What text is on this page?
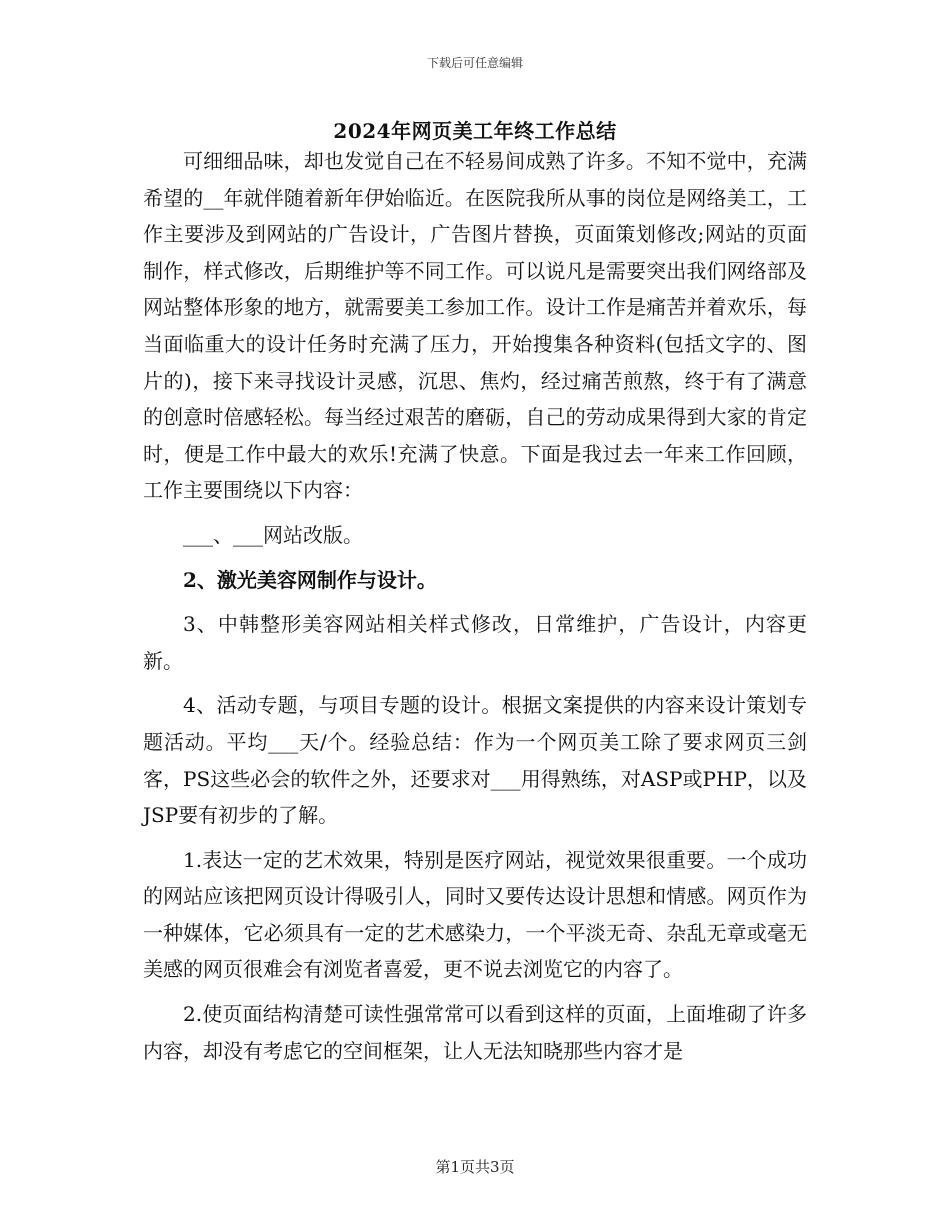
下载后可任意编辑
2024年网页美工年终工作总结

可细细品味，却也发觉自己在不轻易间成熟了许多。不知不觉中，充满希望的__年就伴随着新年伊始临近。在医院我所从事的岗位是网络美工，工作主要涉及到网站的广告设计，广告图片替换，页面策划修改;网站的页面制作，样式修改，后期维护等不同工作。可以说凡是需要突出我们网络部及网站整体形象的地方，就需要美工参加工作。设计工作是痛苦并着欢乐，每当面临重大的设计任务时充满了压力，开始搜集各种资料(包括文字的、图片的)，接下来寻找设计灵感，沉思、焦灼，经过痛苦煎熬，终于有了满意的创意时倍感轻松。每当经过艰苦的磨砺，自己的劳动成果得到大家的肯定时，便是工作中最大的欢乐!充满了快意。下面是我过去一年来工作回顾，工作主要围绕以下内容：

___、___网站改版。

2、激光美容网制作与设计。

3、中韩整形美容网站相关样式修改，日常维护，广告设计，内容更新。

4、活动专题，与项目专题的设计。根据文案提供的内容来设计策划专题活动。平均___天/个。经验总结：作为一个网页美工除了要求网页三剑客，PS这些必会的软件之外，还要求对___用得熟练，对ASP或PHP，以及JSP要有初步的了解。

1.表达一定的艺术效果，特别是医疗网站，视觉效果很重要。一个成功的网站应该把网页设计得吸引人，同时又要传达设计思想和情感。网页作为一种媒体，它必须具有一定的艺术感染力，一个平淡无奇、杂乱无章或毫无美感的网页很难会有浏览者喜爱，更不说去浏览它的内容了。

2.使页面结构清楚可读性强常常可以看到这样的页面，上面堆砌了许多内容，却没有考虑它的空间框架，让人无法知晓那些内容才是

第1页共3页
